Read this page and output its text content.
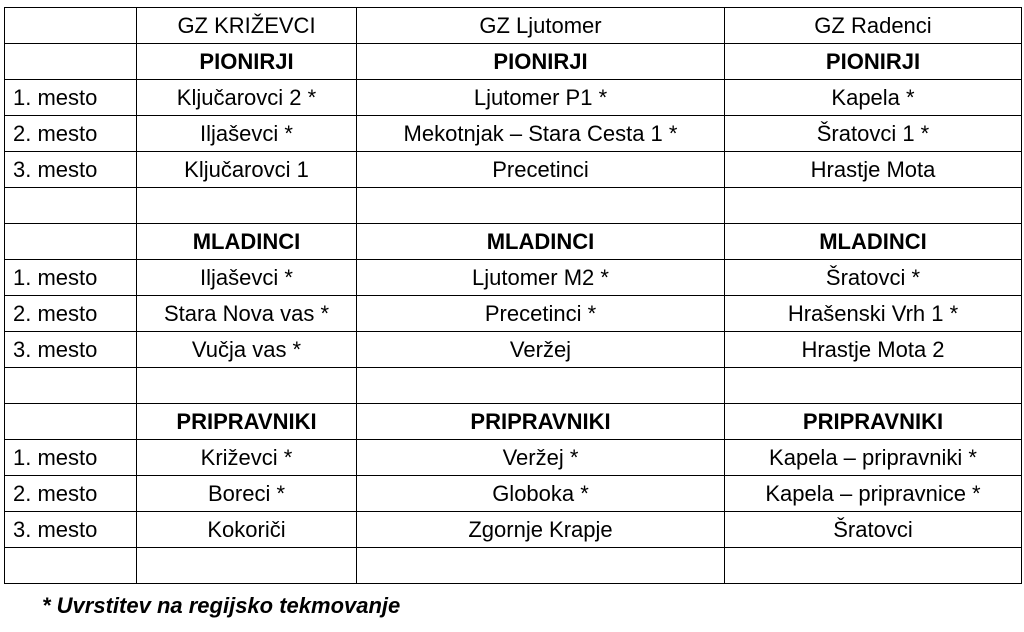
	GZ KRIŽEVCI	GZ Ljutomer	GZ Radenci
	PIONIRJI	PIONIRJI	PIONIRJI
1. mesto	Ključarovci 2 *	Ljutomer P1 *	Kapela *
2. mesto	Iljaševci *	Mekotnjak – Stara Cesta 1 *	Šratovci 1 *
3. mesto	Ključarovci 1	Precetinci	Hrastje Mota

	MLADINCI	MLADINCI	MLADINCI
1. mesto	Iljaševci *	Ljutomer M2 *	Šratovci *
2. mesto	Stara Nova vas *	Precetinci *	Hrašenski Vrh 1 *
3. mesto	Vučja vas *	Veržej	Hrastje Mota 2

	PRIPRAVNIKI	PRIPRAVNIKI	PRIPRAVNIKI
1. mesto	Križevci *	Veržej *	Kapela – pripravniki *
2. mesto	Boreci *	Globoka *	Kapela – pripravnice *
3. mesto	Kokoriči	Zgornje Krapje	Šratovci

* Uvrstitev na regijsko tekmovanje
